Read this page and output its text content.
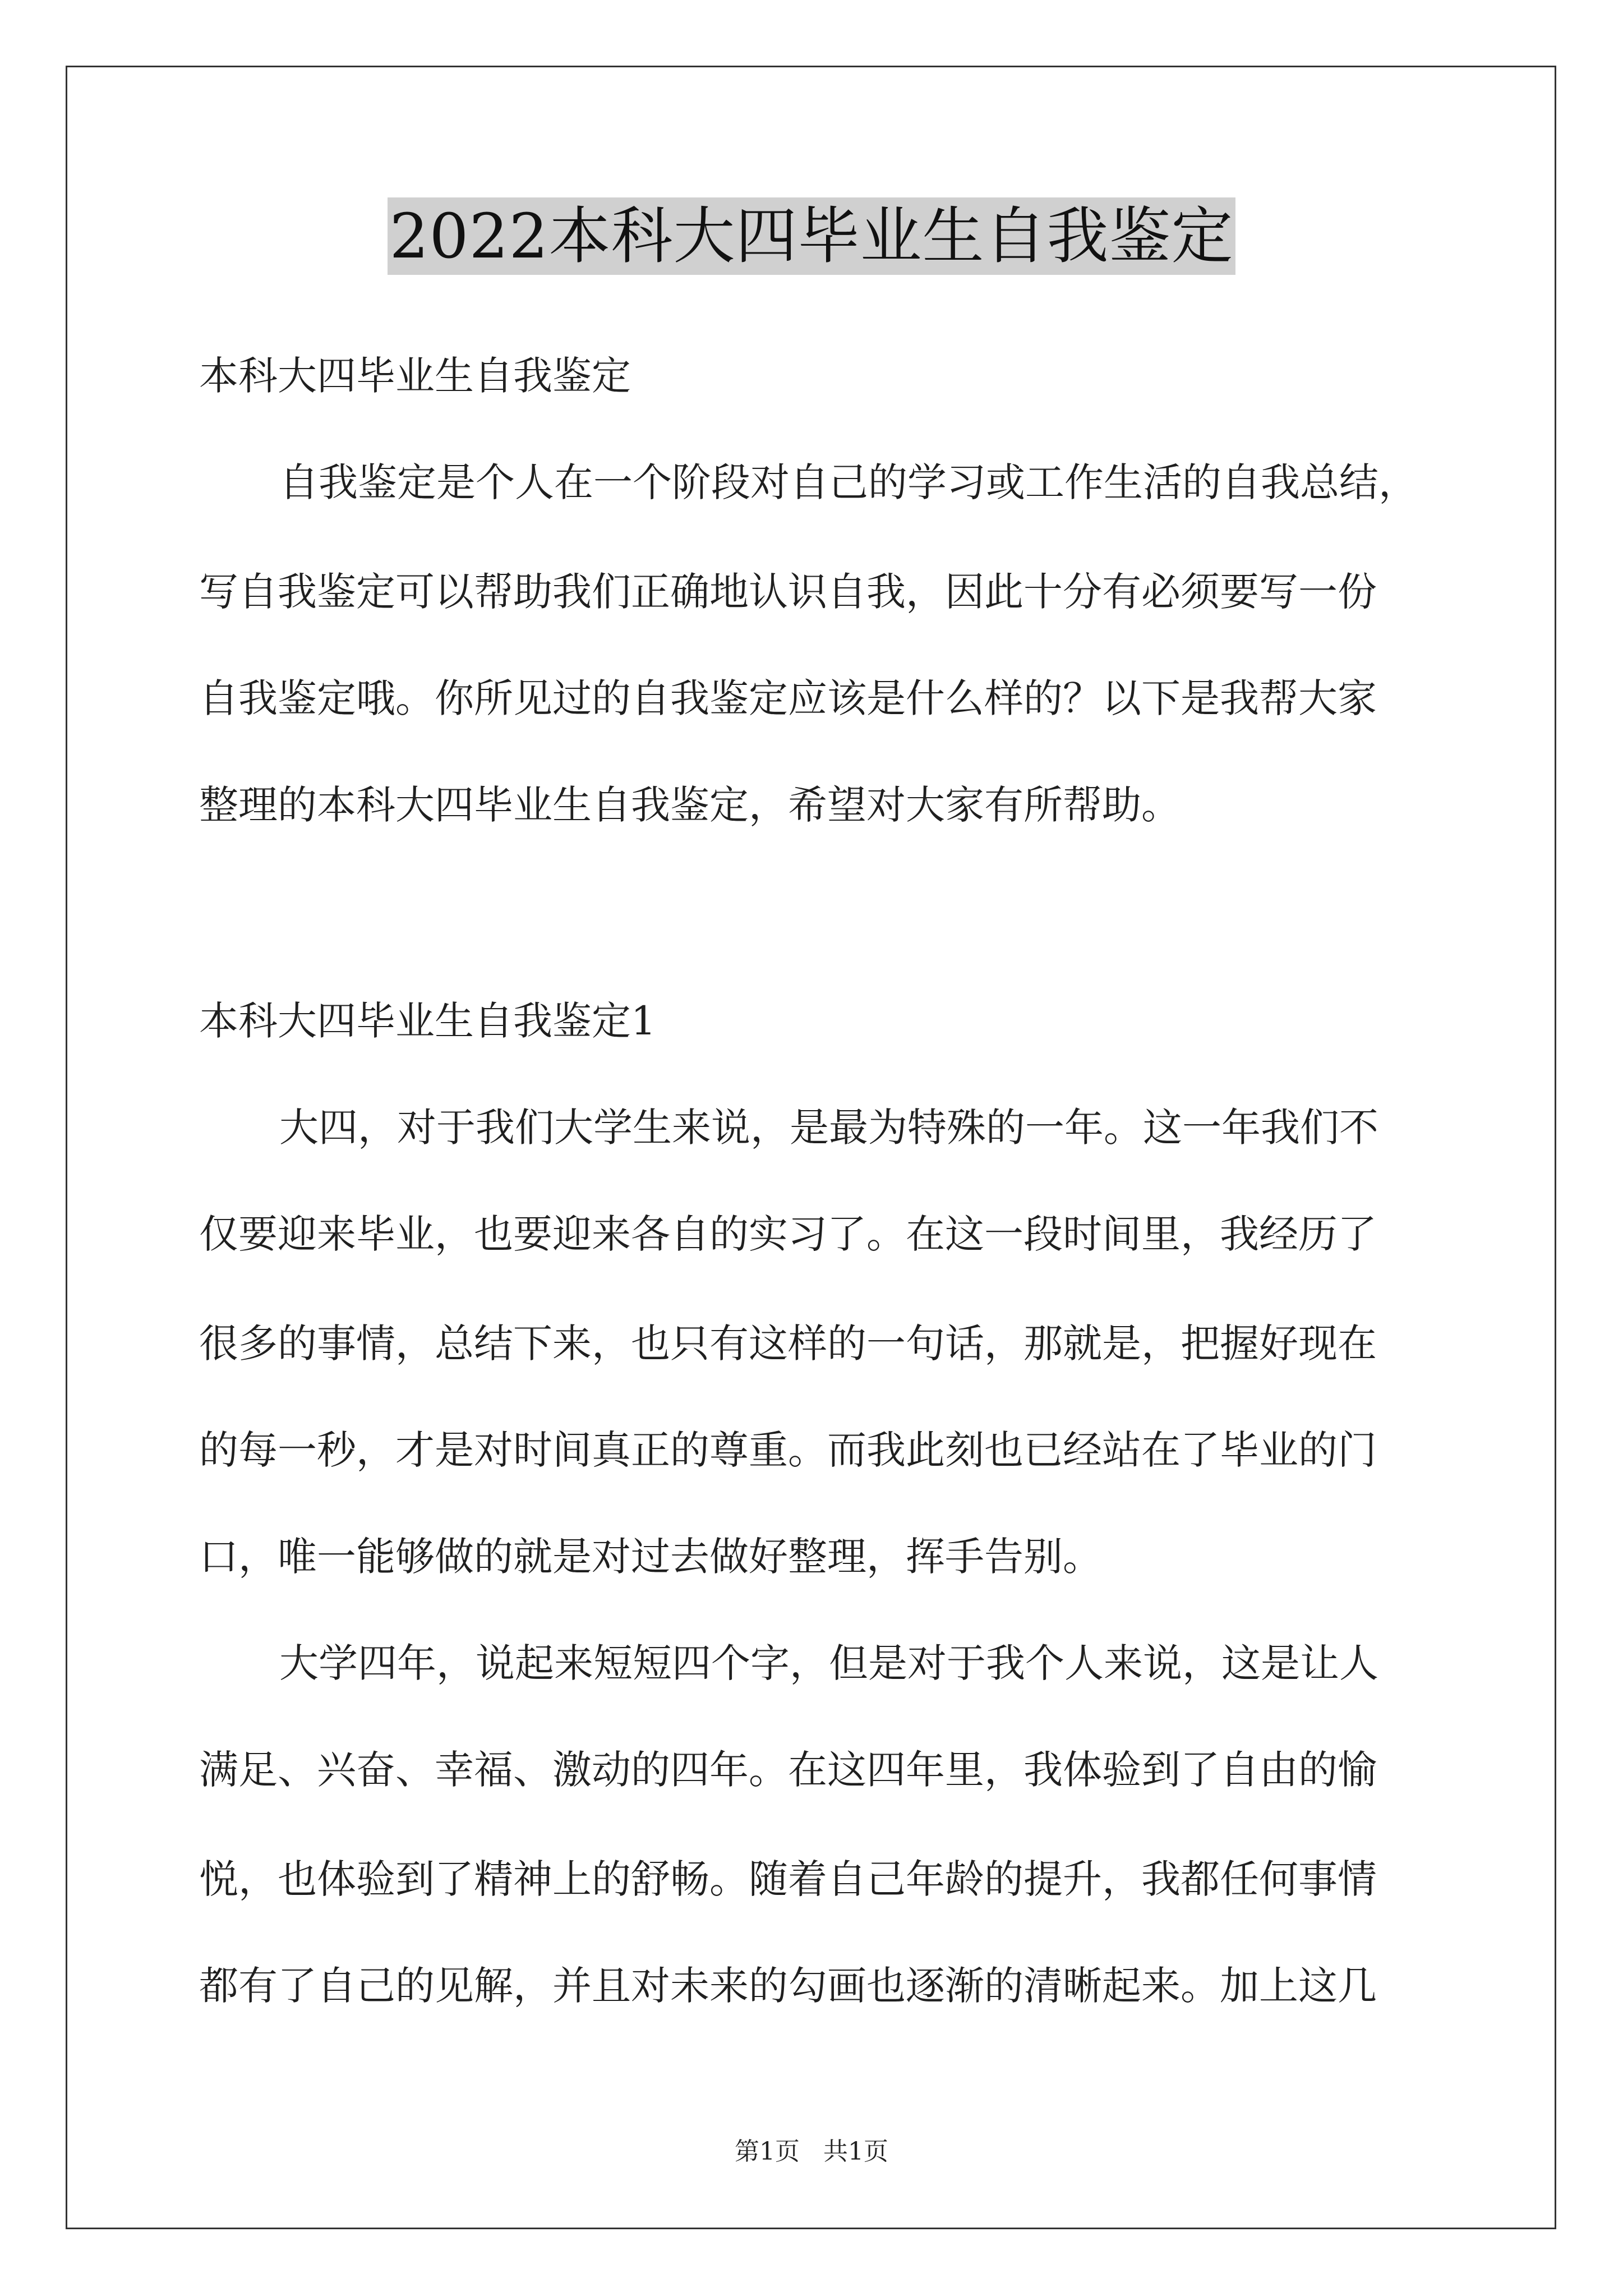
2022本科大四毕业生自我鉴定
本科大四毕业生自我鉴定
自我鉴定是个人在一个阶段对自己的学习或工作生活的自我总结，
写自我鉴定可以帮助我们正确地认识自我，因此十分有必须要写一份
自我鉴定哦。你所见过的自我鉴定应该是什么样的？以下是我帮大家
整理的本科大四毕业生自我鉴定，希望对大家有所帮助。
本科大四毕业生自我鉴定1
大四，对于我们大学生来说，是最为特殊的一年。这一年我们不
仅要迎来毕业，也要迎来各自的实习了。在这一段时间里，我经历了
很多的事情，总结下来，也只有这样的一句话，那就是，把握好现在
的每一秒，才是对时间真正的尊重。而我此刻也已经站在了毕业的门
口，唯一能够做的就是对过去做好整理，挥手告别。
大学四年，说起来短短四个字，但是对于我个人来说，这是让人
满足、兴奋、幸福、激动的四年。在这四年里，我体验到了自由的愉
悦，也体验到了精神上的舒畅。随着自己年龄的提升，我都任何事情
都有了自己的见解，并且对未来的勾画也逐渐的清晰起来。加上这几
第1页   共1页
